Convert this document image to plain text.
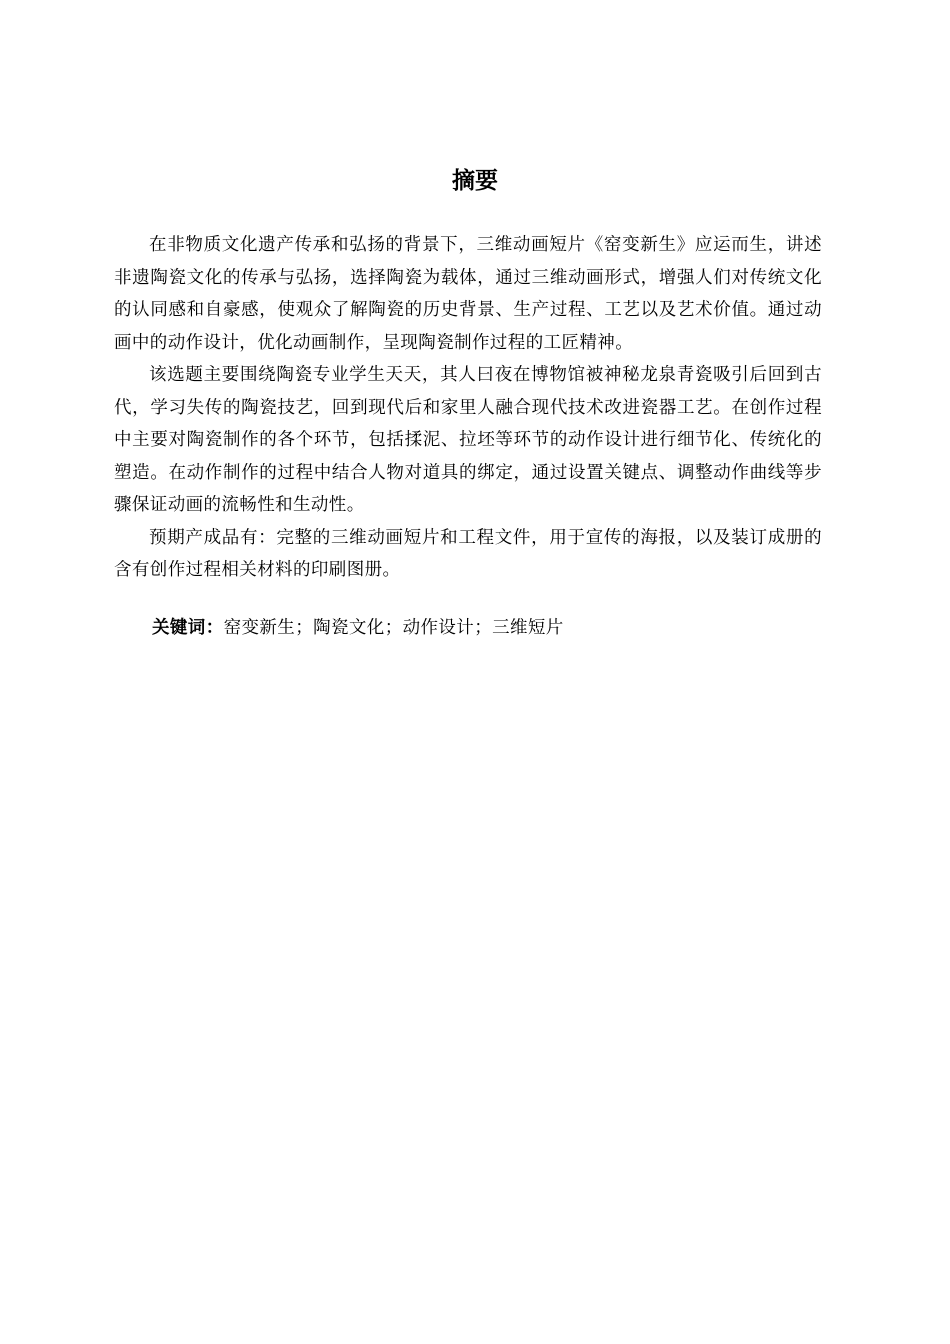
摘要

在非物质文化遗产传承和弘扬的背景下，三维动画短片《窑变新生》应运而生，讲述非遗陶瓷文化的传承与弘扬，选择陶瓷为载体，通过三维动画形式，增强人们对传统文化的认同感和自豪感，使观众了解陶瓷的历史背景、生产过程、工艺以及艺术价值。通过动画中的动作设计，优化动画制作，呈现陶瓷制作过程的工匠精神。

该选题主要围绕陶瓷专业学生天天，其人曰夜在博物馆被神秘龙泉青瓷吸引后回到古代，学习失传的陶瓷技艺，回到现代后和家里人融合现代技术改进瓷器工艺。在创作过程中主要对陶瓷制作的各个环节，包括揉泥、拉坯等环节的动作设计进行细节化、传统化的塑造。在动作制作的过程中结合人物对道具的绑定，通过设置关键点、调整动作曲线等步骤保证动画的流畅性和生动性。

预期产成品有：完整的三维动画短片和工程文件，用于宣传的海报，以及装订成册的含有创作过程相关材料的印刷图册。

关键词：窑变新生；陶瓷文化；动作设计；三维短片
